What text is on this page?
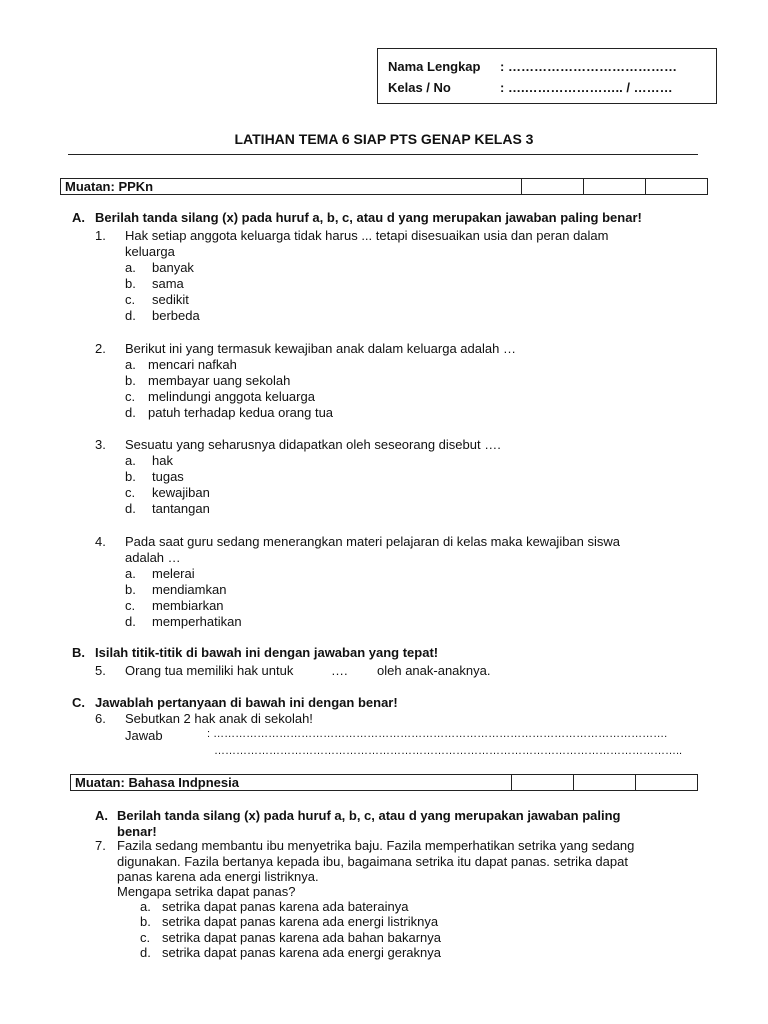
Nama Lengkap : …………………………………
Kelas / No	: ….………………….. / ………
LATIHAN TEMA 6 SIAP PTS GENAP KELAS 3
Muatan: PPKn			
A. Berilah tanda silang (x) pada huruf a, b, c, atau d yang merupakan jawaban paling benar!
1. Hak setiap anggota keluarga tidak harus ... tetapi disesuaikan usia dan peran dalam
keluarga
a. banyak
b. sama
c. sedikit
d. berbeda
2. Berikut ini yang termasuk kewajiban anak dalam keluarga adalah …
a. mencari nafkah
b. membayar uang sekolah
c. melindungi anggota keluarga
d. patuh terhadap kedua orang tua
3. Sesuatu yang seharusnya didapatkan oleh seseorang disebut ….
a. hak
b. tugas
c. kewajiban
d. tantangan
4. Pada saat guru sedang menerangkan materi pelajaran di kelas maka kewajiban siswa
adalah …
a. melerai
b. mendiamkan
c. membiarkan
d. memperhatikan
B. Isilah titik-titik di bawah ini dengan jawaban yang tepat!
5. Orang tua memiliki hak untuk	…. oleh anak-anaknya.
C. Jawablah pertanyaan di bawah ini dengan benar!
6. Sebutkan 2 hak anak di sekolah!
Jawab	: …………………………………………………………………………………………………………….
………………………………………………………………………………………………………………..
Muatan: Bahasa Indpnesia			
A. Berilah tanda silang (x) pada huruf a, b, c, atau d yang merupakan jawaban paling
benar!
7. Fazila sedang membantu ibu menyetrika baju. Fazila memperhatikan setrika yang sedang
digunakan. Fazila bertanya kepada ibu, bagaimana setrika itu dapat panas. setrika dapat
panas karena ada energi listriknya.
Mengapa setrika dapat panas?
a. setrika dapat panas karena ada baterainya
b. setrika dapat panas karena ada energi listriknya
c. setrika dapat panas karena ada bahan bakarnya
d. setrika dapat panas karena ada energi geraknya
